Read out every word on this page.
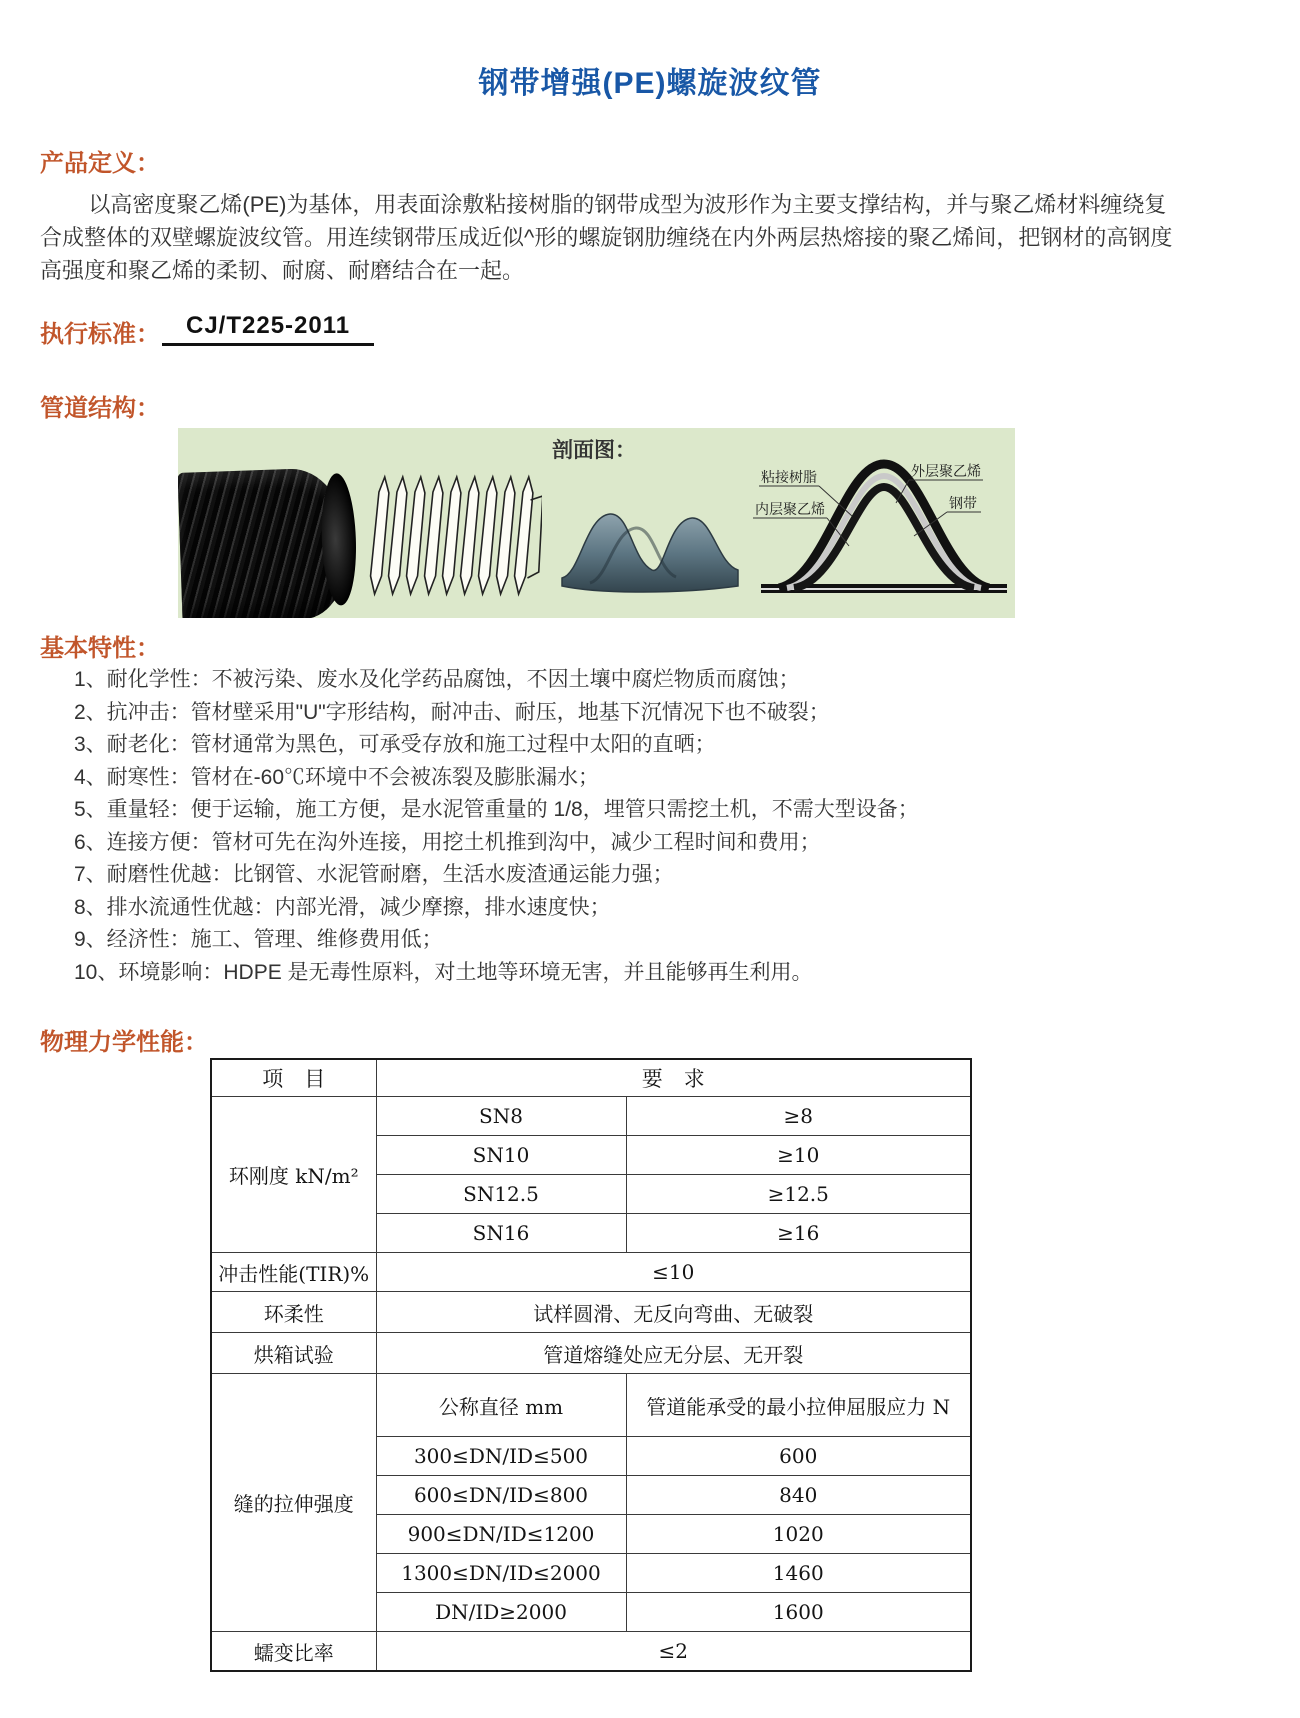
钢带增强(PE)螺旋波纹管
产品定义：
以高密度聚乙烯(PE)为基体，用表面涂敷粘接树脂的钢带成型为波形作为主要支撑结构，并与聚乙烯材料缠绕复
合成整体的双壁螺旋波纹管。用连续钢带压成近似^形的螺旋钢肋缠绕在内外两层热熔接的聚乙烯间，把钢材的高钢度
高强度和聚乙烯的柔韧、耐腐、耐磨结合在一起。
执行标准：	CJ/T225-2011
管道结构：
剖面图：
粘接树脂
内层聚乙烯
外层聚乙烯
钢带
基本特性：
1、耐化学性：不被污染、废水及化学药品腐蚀，不因土壤中腐烂物质而腐蚀；
2、抗冲击：管材壁采用"U"字形结构，耐冲击、耐压，地基下沉情况下也不破裂；
3、耐老化：管材通常为黑色，可承受存放和施工过程中太阳的直晒；
4、耐寒性：管材在-60℃环境中不会被冻裂及膨胀漏水；
5、重量轻：便于运输，施工方便，是水泥管重量的 1/8，埋管只需挖土机，不需大型设备；
6、连接方便：管材可先在沟外连接，用挖土机推到沟中，减少工程时间和费用；
7、耐磨性优越：比钢管、水泥管耐磨，生活水废渣通运能力强；
8、排水流通性优越：内部光滑，减少摩擦，排水速度快；
9、经济性：施工、管理、维修费用低；
10、环境影响：HDPE 是无毒性原料，对土地等环境无害，并且能够再生利用。
物理力学性能：
项　目	要　求	
环刚度 kN/m²	SN8	≥8
	SN10	≥10
	SN12.5	≥12.5
	SN16	≥16
冲击性能(TIR)%	≤10	
环柔性	试样圆滑、无反向弯曲、无破裂	
烘箱试验	管道熔缝处应无分层、无开裂	
缝的拉伸强度	公称直径 mm	管道能承受的最小拉伸屈服应力 N
	300≤DN/ID≤500	600
	600≤DN/ID≤800	840
	900≤DN/ID≤1200	1020
	1300≤DN/ID≤2000	1460
	DN/ID≥2000	1600
蠕变比率	≤2	
